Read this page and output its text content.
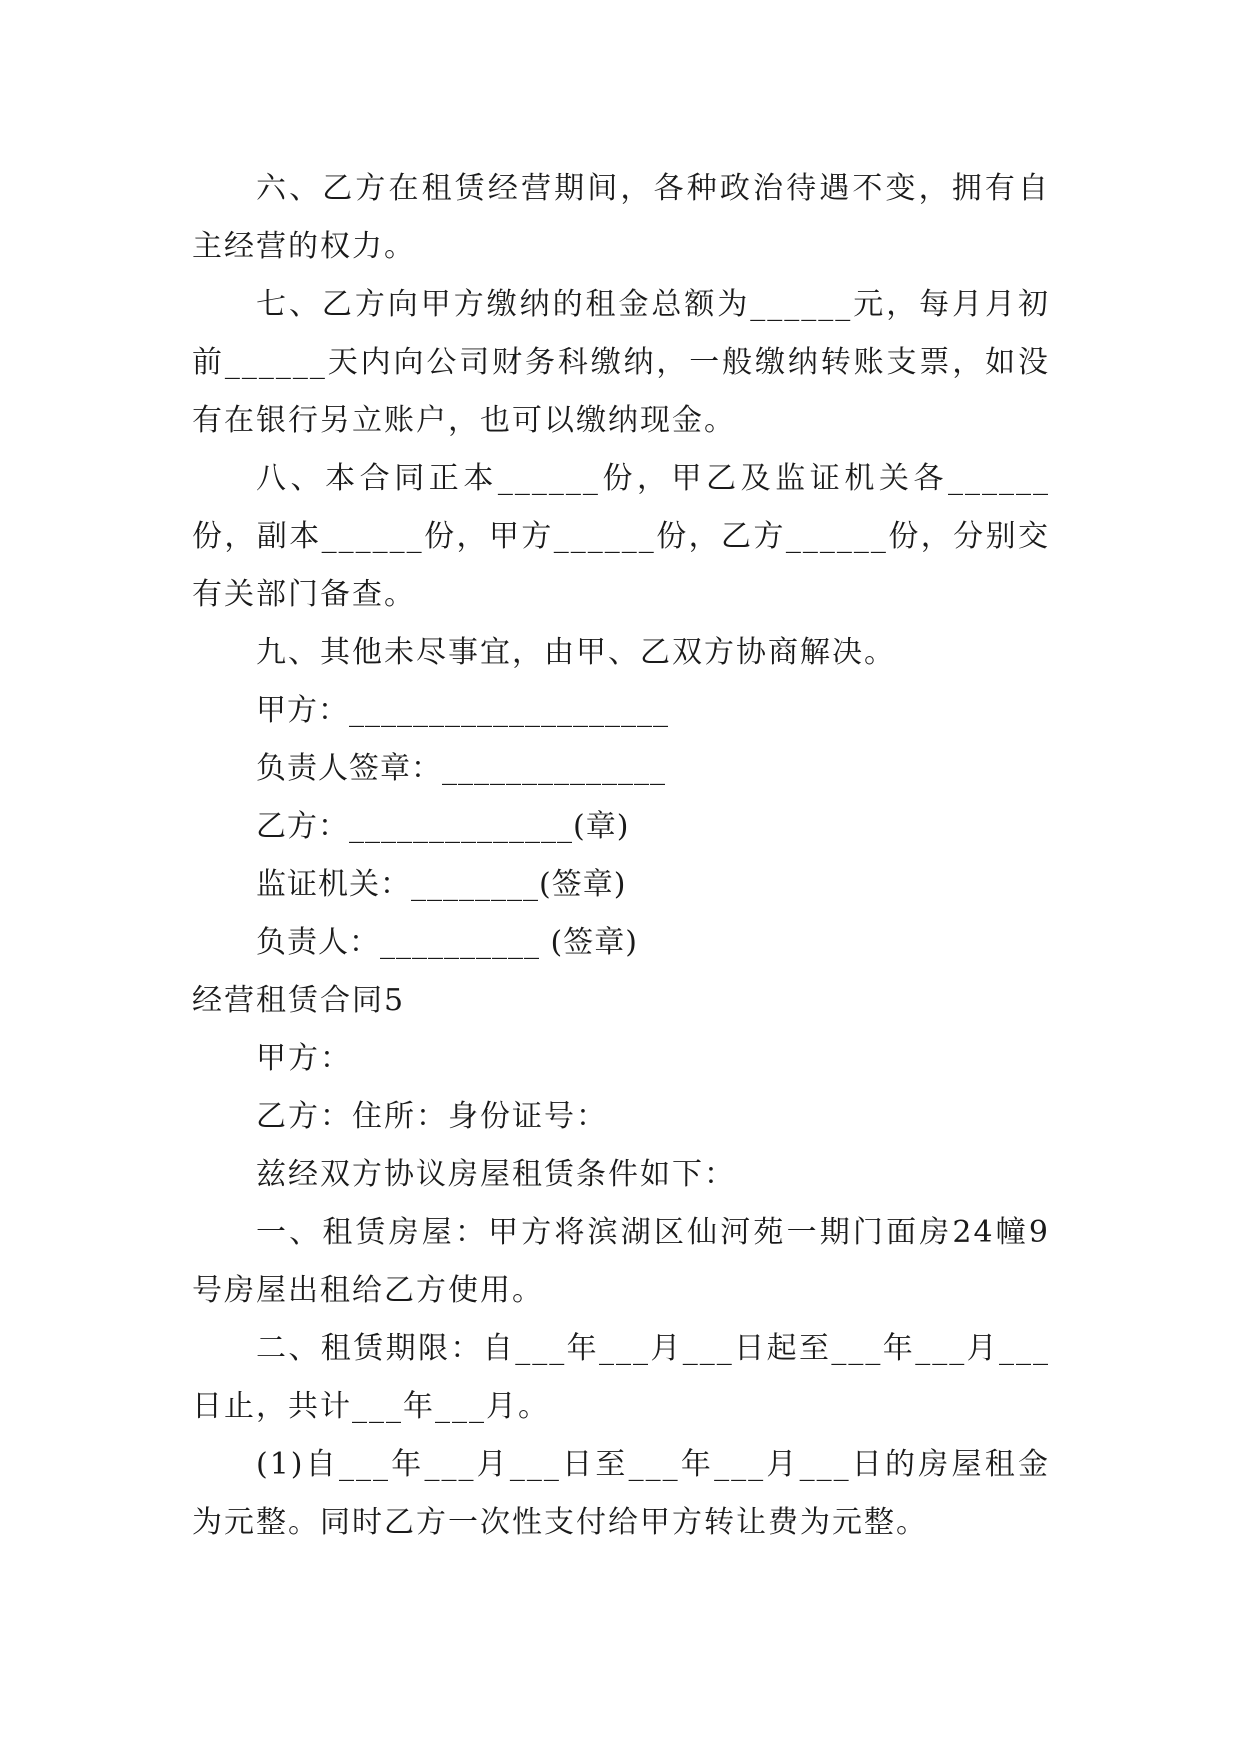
六、乙方在租赁经营期间，各种政治待遇不变，拥有自主经营的权力。

七、乙方向甲方缴纳的租金总额为______元，每月月初前______天内向公司财务科缴纳，一般缴纳转账支票，如没有在银行另立账户，也可以缴纳现金。

八、本合同正本______份，甲乙及监证机关各______份，副本______份，甲方______份，乙方______份，分别交有关部门备查。

九、其他未尽事宜，由甲、乙双方协商解决。

甲方：____________________

负责人签章：______________

乙方：______________(章)

监证机关：________(签章)

负责人：__________ (签章)

经营租赁合同5

甲方：

乙方：住所：身份证号：

兹经双方协议房屋租赁条件如下：

一、租赁房屋：甲方将滨湖区仙河苑一期门面房24幢9号房屋出租给乙方使用。

二、租赁期限：自___年___月___日起至___年___月___日止，共计___年___月。

(1)自___年___月___日至___年___月___日的房屋租金为元整。同时乙方一次性支付给甲方转让费为元整。
